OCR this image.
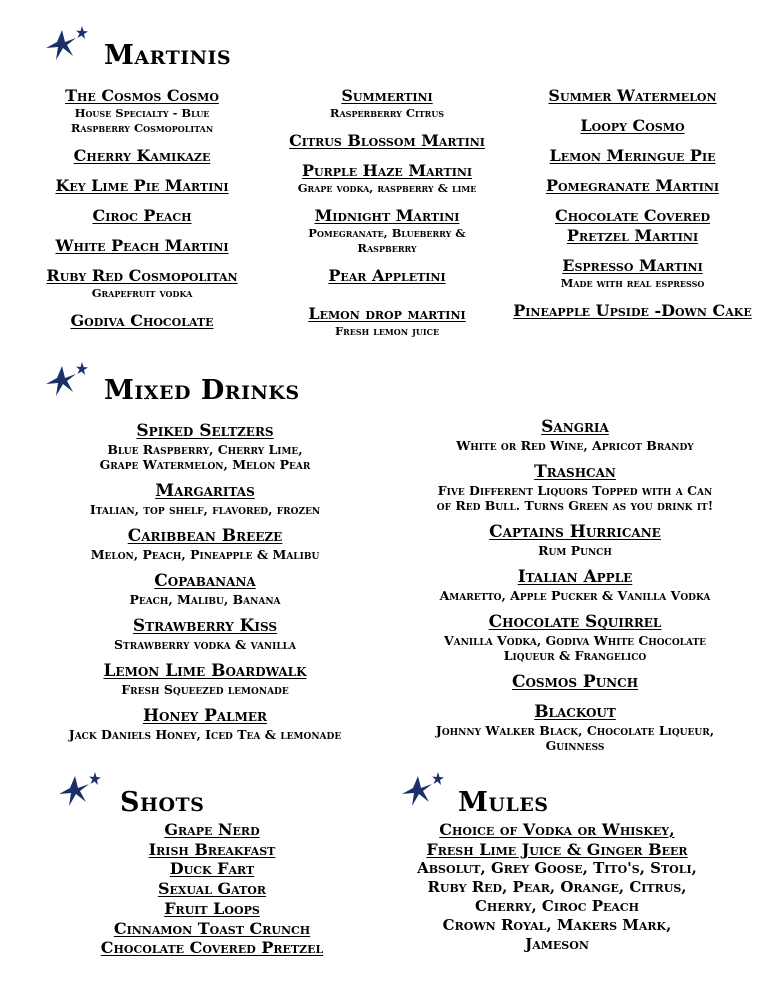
Martinis
Mixed Drinks
Shots	Mules
The Cosmos Cosmo
House Specialty - Blue
Raspberry Cosmopolitan
Cherry Kamikaze
Key Lime Pie Martini
Ciroc Peach
White Peach Martini
Ruby Red Cosmopolitan
Grapefruit vodka
Godiva Chocolate
Summertini
Rasperberry Citrus
Citrus Blossom Martini
Purple Haze Martini
Grape vodka, raspberry & lime
Midnight Martini
Pomegranate, Blueberry &
Raspberry
Pear Appletini
Lemon drop martini
Fresh lemon juice
Summer Watermelon
Loopy Cosmo
Lemon Meringue Pie
Pomegranate Martini
Chocolate Covered Pretzel Martini
Espresso Martini
Made with real espresso
Pineapple Upside -Down Cake
Spiked Seltzers
Blue Raspberry, Cherry Lime,
Grape Watermelon, Melon Pear
Margaritas
Italian, top shelf, flavored, frozen
Caribbean Breeze
Melon, Peach, Pineapple & Malibu
Copabanana
Peach, Malibu, Banana
Strawberry Kiss
Strawberry vodka & vanilla
Lemon Lime Boardwalk
Fresh Squeezed lemonade
Honey Palmer
Jack Daniels Honey, Iced Tea & lemonade
Sangria
White or Red Wine, Apricot Brandy
Trashcan
Five Different Liquors Topped with a Can
of Red Bull. Turns Green as you drink it!
Captains Hurricane
Rum Punch
Italian Apple
Amaretto, Apple Pucker & Vanilla Vodka
Chocolate Squirrel
Vanilla Vodka, Godiva White Chocolate
Liqueur & Frangelico
Cosmos Punch
Blackout
Johnny Walker Black, Chocolate Liqueur,
Guinness
Grape Nerd
Irish Breakfast
Duck Fart
Sexual Gator
Fruit Loops
Cinnamon Toast Crunch
Chocolate Covered Pretzel
Choice of Vodka or Whiskey,
Fresh Lime Juice & Ginger Beer
Absolut, Grey Goose, Tito's, Stoli,
Ruby Red, Pear, Orange, Citrus,
Cherry, Ciroc Peach
Crown Royal, Makers Mark,
Jameson
